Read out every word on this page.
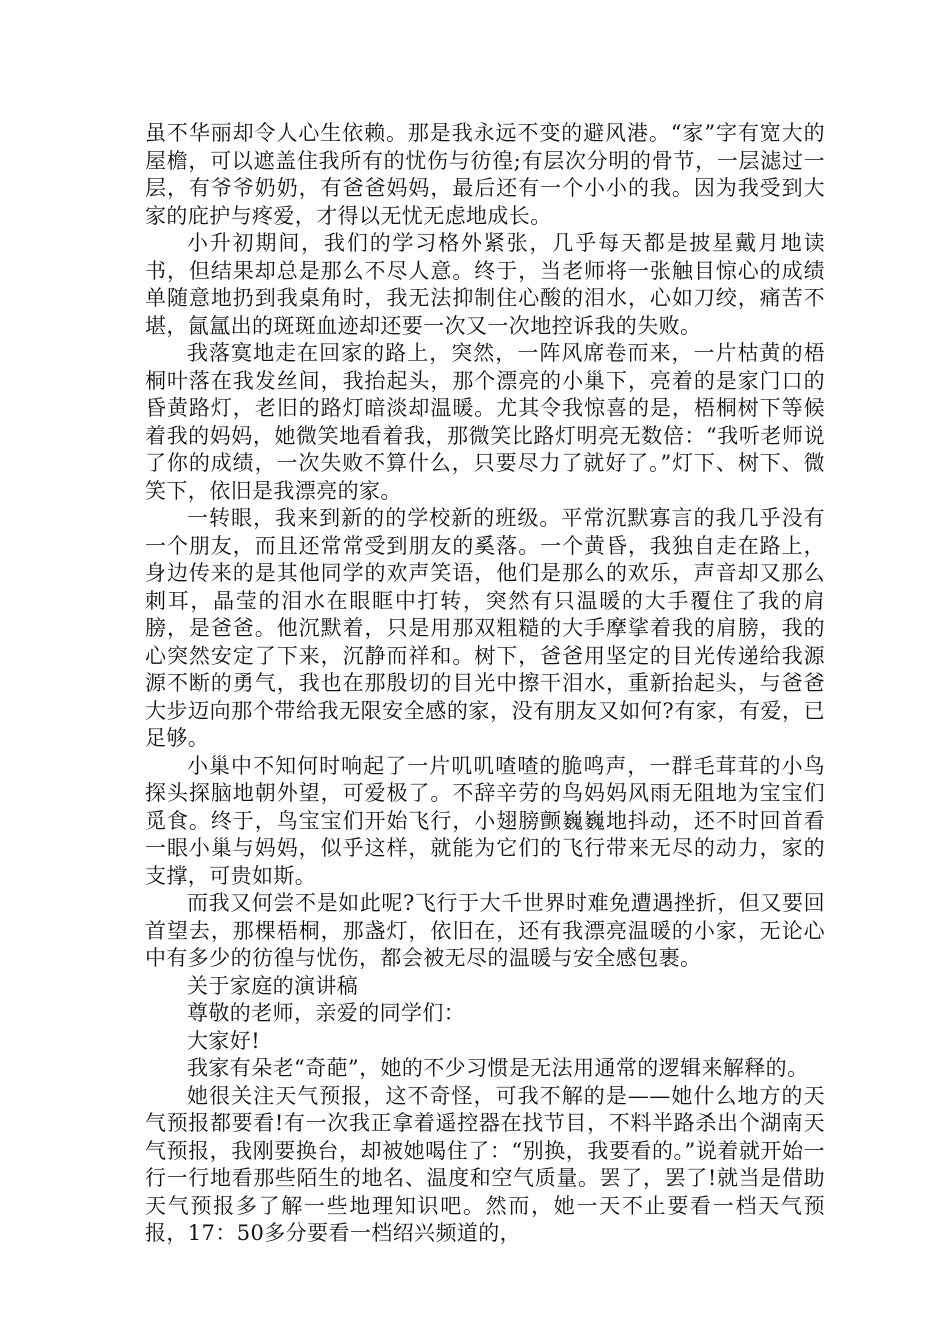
虽不华丽却令人心生依赖。那是我永远不变的避风港。“家”字有宽大的屋檐，可以遮盖住我所有的忧伤与彷徨;有层次分明的骨节，一层滤过一层，有爷爷奶奶，有爸爸妈妈，最后还有一个小小的我。因为我受到大家的庇护与疼爱，才得以无忧无虑地成长。

小升初期间，我们的学习格外紧张，几乎每天都是披星戴月地读书，但结果却总是那么不尽人意。终于，当老师将一张触目惊心的成绩单随意地扔到我桌角时，我无法抑制住心酸的泪水，心如刀绞，痛苦不堪，氤氲出的斑斑血迹却还要一次又一次地控诉我的失败。

我落寞地走在回家的路上，突然，一阵风席卷而来，一片枯黄的梧桐叶落在我发丝间，我抬起头，那个漂亮的小巢下，亮着的是家门口的昏黄路灯，老旧的路灯暗淡却温暖。尤其令我惊喜的是，梧桐树下等候着我的妈妈，她微笑地看着我，那微笑比路灯明亮无数倍：“我听老师说了你的成绩，一次失败不算什么，只要尽力了就好了。”灯下、树下、微笑下，依旧是我漂亮的家。

一转眼，我来到新的的学校新的班级。平常沉默寡言的我几乎没有一个朋友，而且还常常受到朋友的奚落。一个黄昏，我独自走在路上，身边传来的是其他同学的欢声笑语，他们是那么的欢乐，声音却又那么刺耳，晶莹的泪水在眼眶中打转，突然有只温暖的大手覆住了我的肩膀，是爸爸。他沉默着，只是用那双粗糙的大手摩挲着我的肩膀，我的心突然安定了下来，沉静而祥和。树下，爸爸用坚定的目光传递给我源源不断的勇气，我也在那殷切的目光中擦干泪水，重新抬起头，与爸爸大步迈向那个带给我无限安全感的家，没有朋友又如何?有家，有爱，已足够。

小巢中不知何时响起了一片叽叽喳喳的脆鸣声，一群毛茸茸的小鸟探头探脑地朝外望，可爱极了。不辞辛劳的鸟妈妈风雨无阻地为宝宝们觅食。终于，鸟宝宝们开始飞行，小翅膀颤巍巍地抖动，还不时回首看一眼小巢与妈妈，似乎这样，就能为它们的飞行带来无尽的动力，家的支撑，可贵如斯。

而我又何尝不是如此呢?飞行于大千世界时难免遭遇挫折，但又要回首望去，那棵梧桐，那盏灯，依旧在，还有我漂亮温暖的小家，无论心中有多少的彷徨与忧伤，都会被无尽的温暖与安全感包裹。

关于家庭的演讲稿

尊敬的老师，亲爱的同学们：

大家好!

我家有朵老“奇葩”，她的不少习惯是无法用通常的逻辑来解释的。

她很关注天气预报，这不奇怪，可我不解的是——她什么地方的天气预报都要看!有一次我正拿着遥控器在找节目，不料半路杀出个湖南天气预报，我刚要换台，却被她喝住了：“别换，我要看的。”说着就开始一行一行地看那些陌生的地名、温度和空气质量。罢了，罢了!就当是借助天气预报多了解一些地理知识吧。然而，她一天不止要看一档天气预报，17：50多分要看一档绍兴频道的，
